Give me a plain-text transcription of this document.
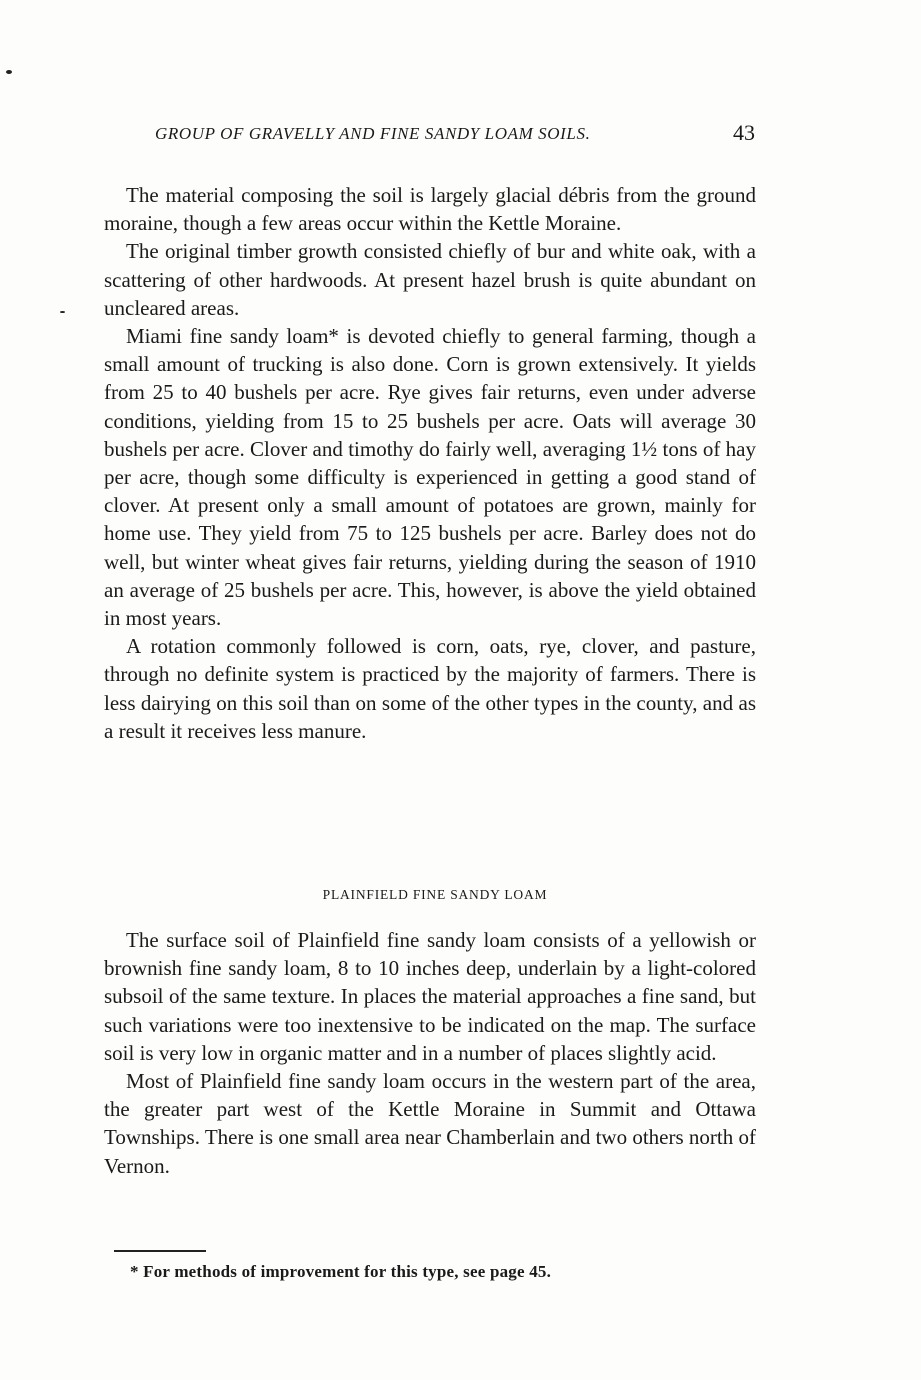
GROUP OF GRAVELLY AND FINE SANDY LOAM SOILS.	43

The material composing the soil is largely glacial débris from the ground moraine, though a few areas occur within the Kettle Moraine.

The original timber growth consisted chiefly of bur and white oak, with a scattering of other hardwoods. At present hazel brush is quite abundant on uncleared areas.

Miami fine sandy loam* is devoted chiefly to general farming, though a small amount of trucking is also done. Corn is grown extensively. It yields from 25 to 40 bushels per acre. Rye gives fair returns, even under adverse conditions, yielding from 15 to 25 bushels per acre. Oats will average 30 bushels per acre. Clover and timothy do fairly well, averaging 1½ tons of hay per acre, though some difficulty is experienced in getting a good stand of clover. At present only a small amount of potatoes are grown, mainly for home use. They yield from 75 to 125 bushels per acre. Barley does not do well, but winter wheat gives fair returns, yielding during the season of 1910 an average of 25 bushels per acre. This, however, is above the yield obtained in most years.

A rotation commonly followed is corn, oats, rye, clover, and pasture, through no definite system is practiced by the majority of farmers. There is less dairying on this soil than on some of the other types in the county, and as a result it receives less manure.

PLAINFIELD FINE SANDY LOAM

The surface soil of Plainfield fine sandy loam consists of a yellowish or brownish fine sandy loam, 8 to 10 inches deep, underlain by a light-colored subsoil of the same texture. In places the material approaches a fine sand, but such variations were too inextensive to be indicated on the map. The surface soil is very low in organic matter and in a number of places slightly acid.

Most of Plainfield fine sandy loam occurs in the western part of the area, the greater part west of the Kettle Moraine in Summit and Ottawa Townships. There is one small area near Chamberlain and two others north of Vernon.

* For methods of improvement for this type, see page 45.
